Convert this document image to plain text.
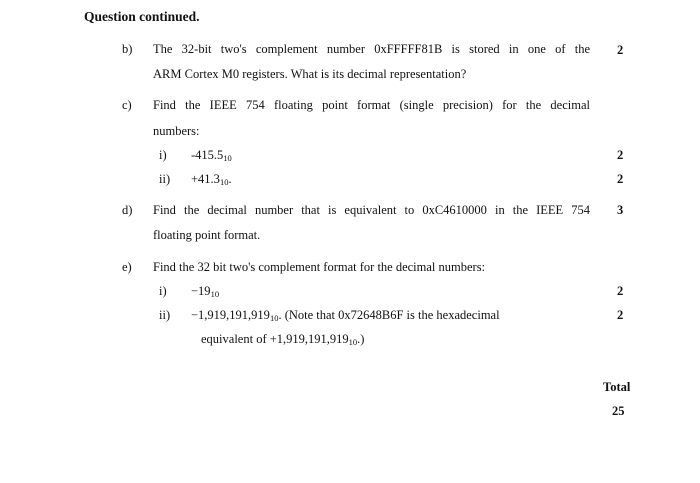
Question continued.
b) The 32-bit two's complement number 0xFFFFF81B is stored in one of the
ARM Cortex M0 registers. What is its decimal representation?
2
c) Find the IEEE 754 floating point format (single precision) for the decimal
numbers:
i) $-415.5_{10}$	2
$ii) +41.3_{10}$.	2
d) Find the decimal number that is equivalent to 0xC4610000 in the IEEE 754
floating point format.
3
e) Find the 32 bit two's complement format for the decimal numbers:
$i) -19_{10}$	2
$ii) -1,919,191,919_{10}$. (Note that 0x72648B6F is the hexadecimal
equivalent of $+1,919,191,919_{10}$.)
2
Total
25
